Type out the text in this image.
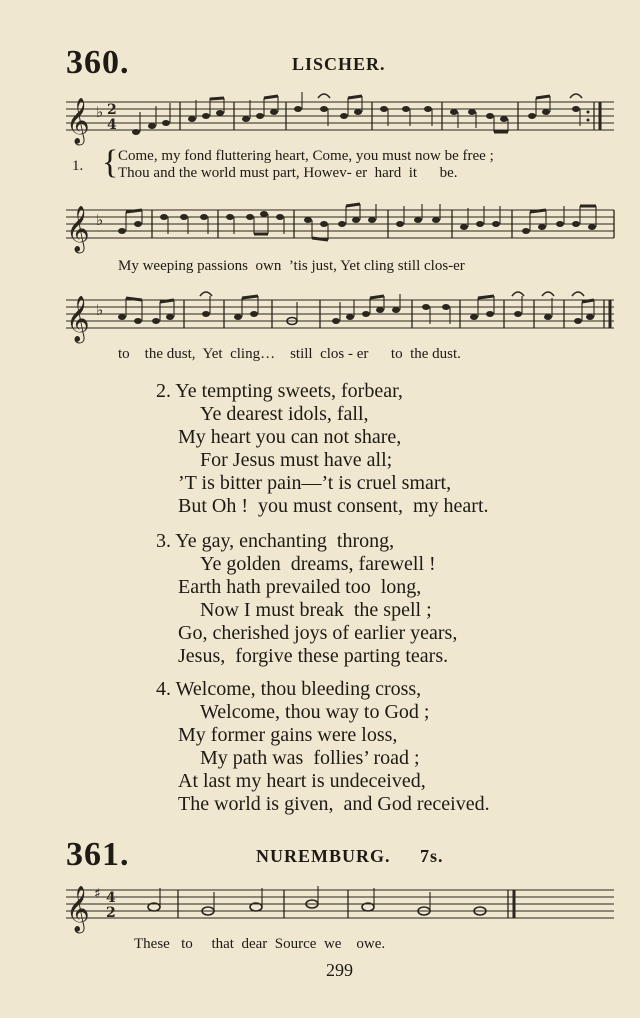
360.	LISCHER.
𝄞 ♭ 2
4
1. { Come, my fond fluttering heart, Come, you must now be free ;
Thou and the world must part, Howev- er  hard  it      be.
𝄞 ♭
My weeping passions  own  ’tis just, Yet cling still clos-er
𝄞 ♭
to    the dust,  Yet  cling…    still  clos - er      to  the dust.
2. Ye tempting sweets, forbear,
Ye dearest idols, fall,
My heart you can not share,
For Jesus must have all;
’T is bitter pain—’t is cruel smart,
But Oh !  you must consent,  my heart.
3. Ye gay, enchanting  throng,
Ye golden  dreams, farewell !
Earth hath prevailed too  long,
Now I must break  the spell ;
Go, cherished joys of earlier years,
Jesus,  forgive these parting tears.
4. Welcome, thou bleeding cross,
Welcome, thou way to God ;
My former gains were loss,
My path was  follies’ road ;
At last my heart is undeceived,
The world is given,  and God received.
361.	NUREMBURG. 7s.
𝄞 ♯ 4
2
These   to     that  dear  Source  we    owe.
299
